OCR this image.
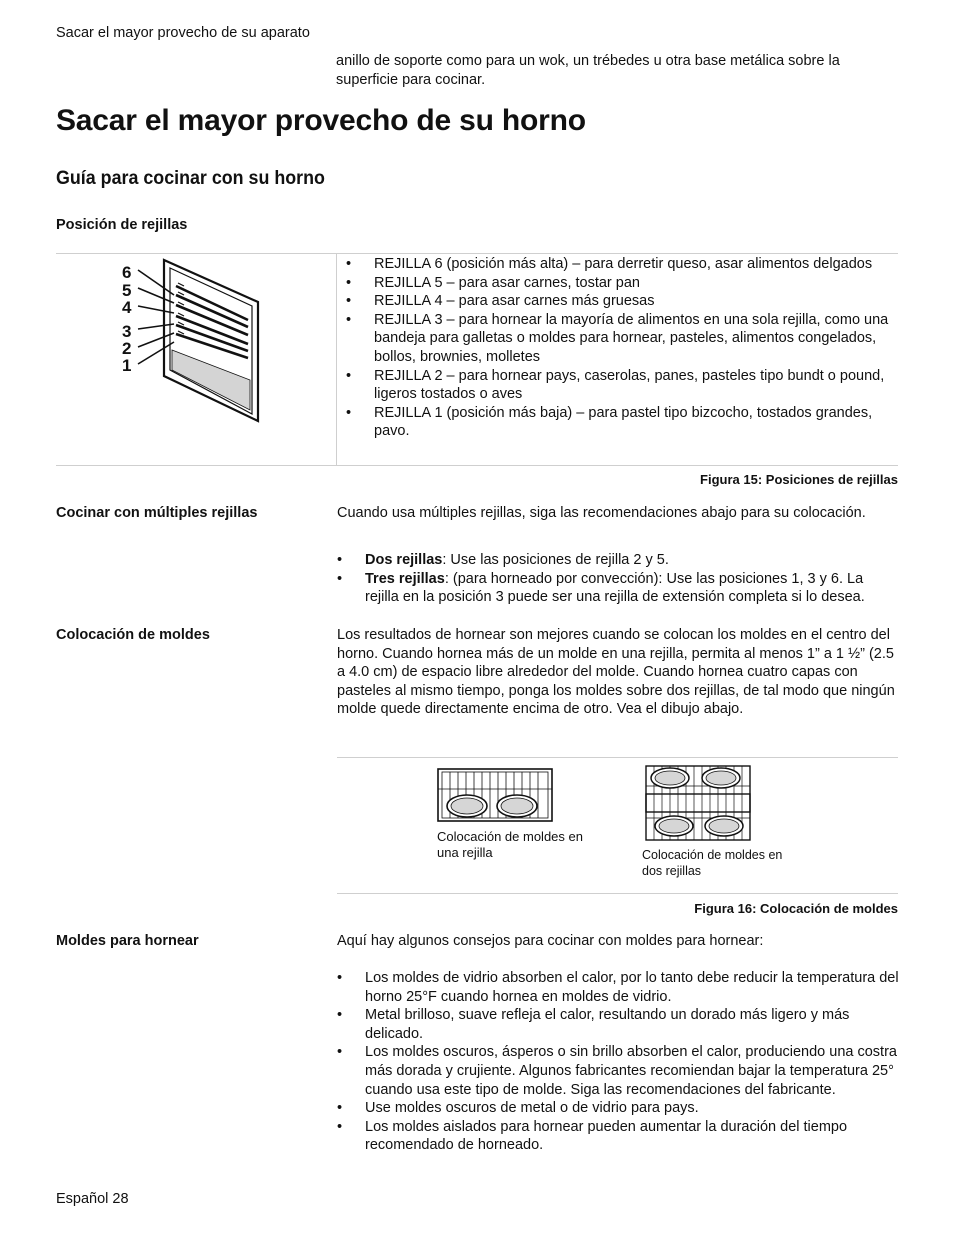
Sacar el mayor provecho de su aparato
anillo de soporte como para un wok, un trébedes u otra base metálica sobre la superficie para cocinar.
Sacar el mayor provecho de su horno
Guía para cocinar con su horno
Posición de rejillas
6
5
4
3
2
1
• REJILLA 6 (posición más alta) – para derretir queso, asar alimentos delgados
• REJILLA 5 – para asar carnes, tostar pan
• REJILLA 4 – para asar carnes más gruesas
• REJILLA 3 – para hornear la mayoría de alimentos en una sola rejilla, como una bandeja para galletas o moldes para hornear, pasteles, alimentos congelados, bollos, brownies, molletes
• REJILLA 2 – para hornear pays, caserolas, panes, pasteles tipo bundt o pound, ligeros tostados o aves
• REJILLA 1 (posición más baja) – para pastel tipo bizcocho, tostados grandes, pavo.
Figura 15: Posiciones de rejillas
Cocinar con múltiples rejillas	Cuando usa múltiples rejillas, siga las recomendaciones abajo para su colocación.
• Dos rejillas: Use las posiciones de rejilla 2 y 5.
• Tres rejillas: (para horneado por convección): Use las posiciones 1, 3 y 6. La rejilla en la posición 3 puede ser una rejilla de extensión completa si lo desea.
Colocación de moldes	Los resultados de hornear son mejores cuando se colocan los moldes en el centro del horno. Cuando hornea más de un molde en una rejilla, permita al menos 1” a 1 ½” (2.5 a 4.0 cm) de espacio libre alrededor del molde. Cuando hornea cuatro capas con pasteles al mismo tiempo, ponga los moldes sobre dos rejillas, de tal modo que ningún molde quede directamente encima de otro. Vea el dibujo abajo.
Colocación de moldes en una rejilla	Colocación de moldes en dos rejillas
Figura 16: Colocación de moldes
Moldes para hornear	Aquí hay algunos consejos para cocinar con moldes para hornear:
• Los moldes de vidrio absorben el calor, por lo tanto debe reducir la temperatura del horno 25°F cuando hornea en moldes de vidrio.
• Metal brilloso, suave refleja el calor, resultando un dorado más ligero y más delicado.
• Los moldes oscuros, ásperos o sin brillo absorben el calor, produciendo una costra más dorada y crujiente. Algunos fabricantes recomiendan bajar la temperatura 25° cuando usa este tipo de molde. Siga las recomendaciones del fabricante.
• Use moldes oscuros de metal o de vidrio para pays.
• Los moldes aislados para hornear pueden aumentar la duración del tiempo recomendado de horneado.
Español 28
